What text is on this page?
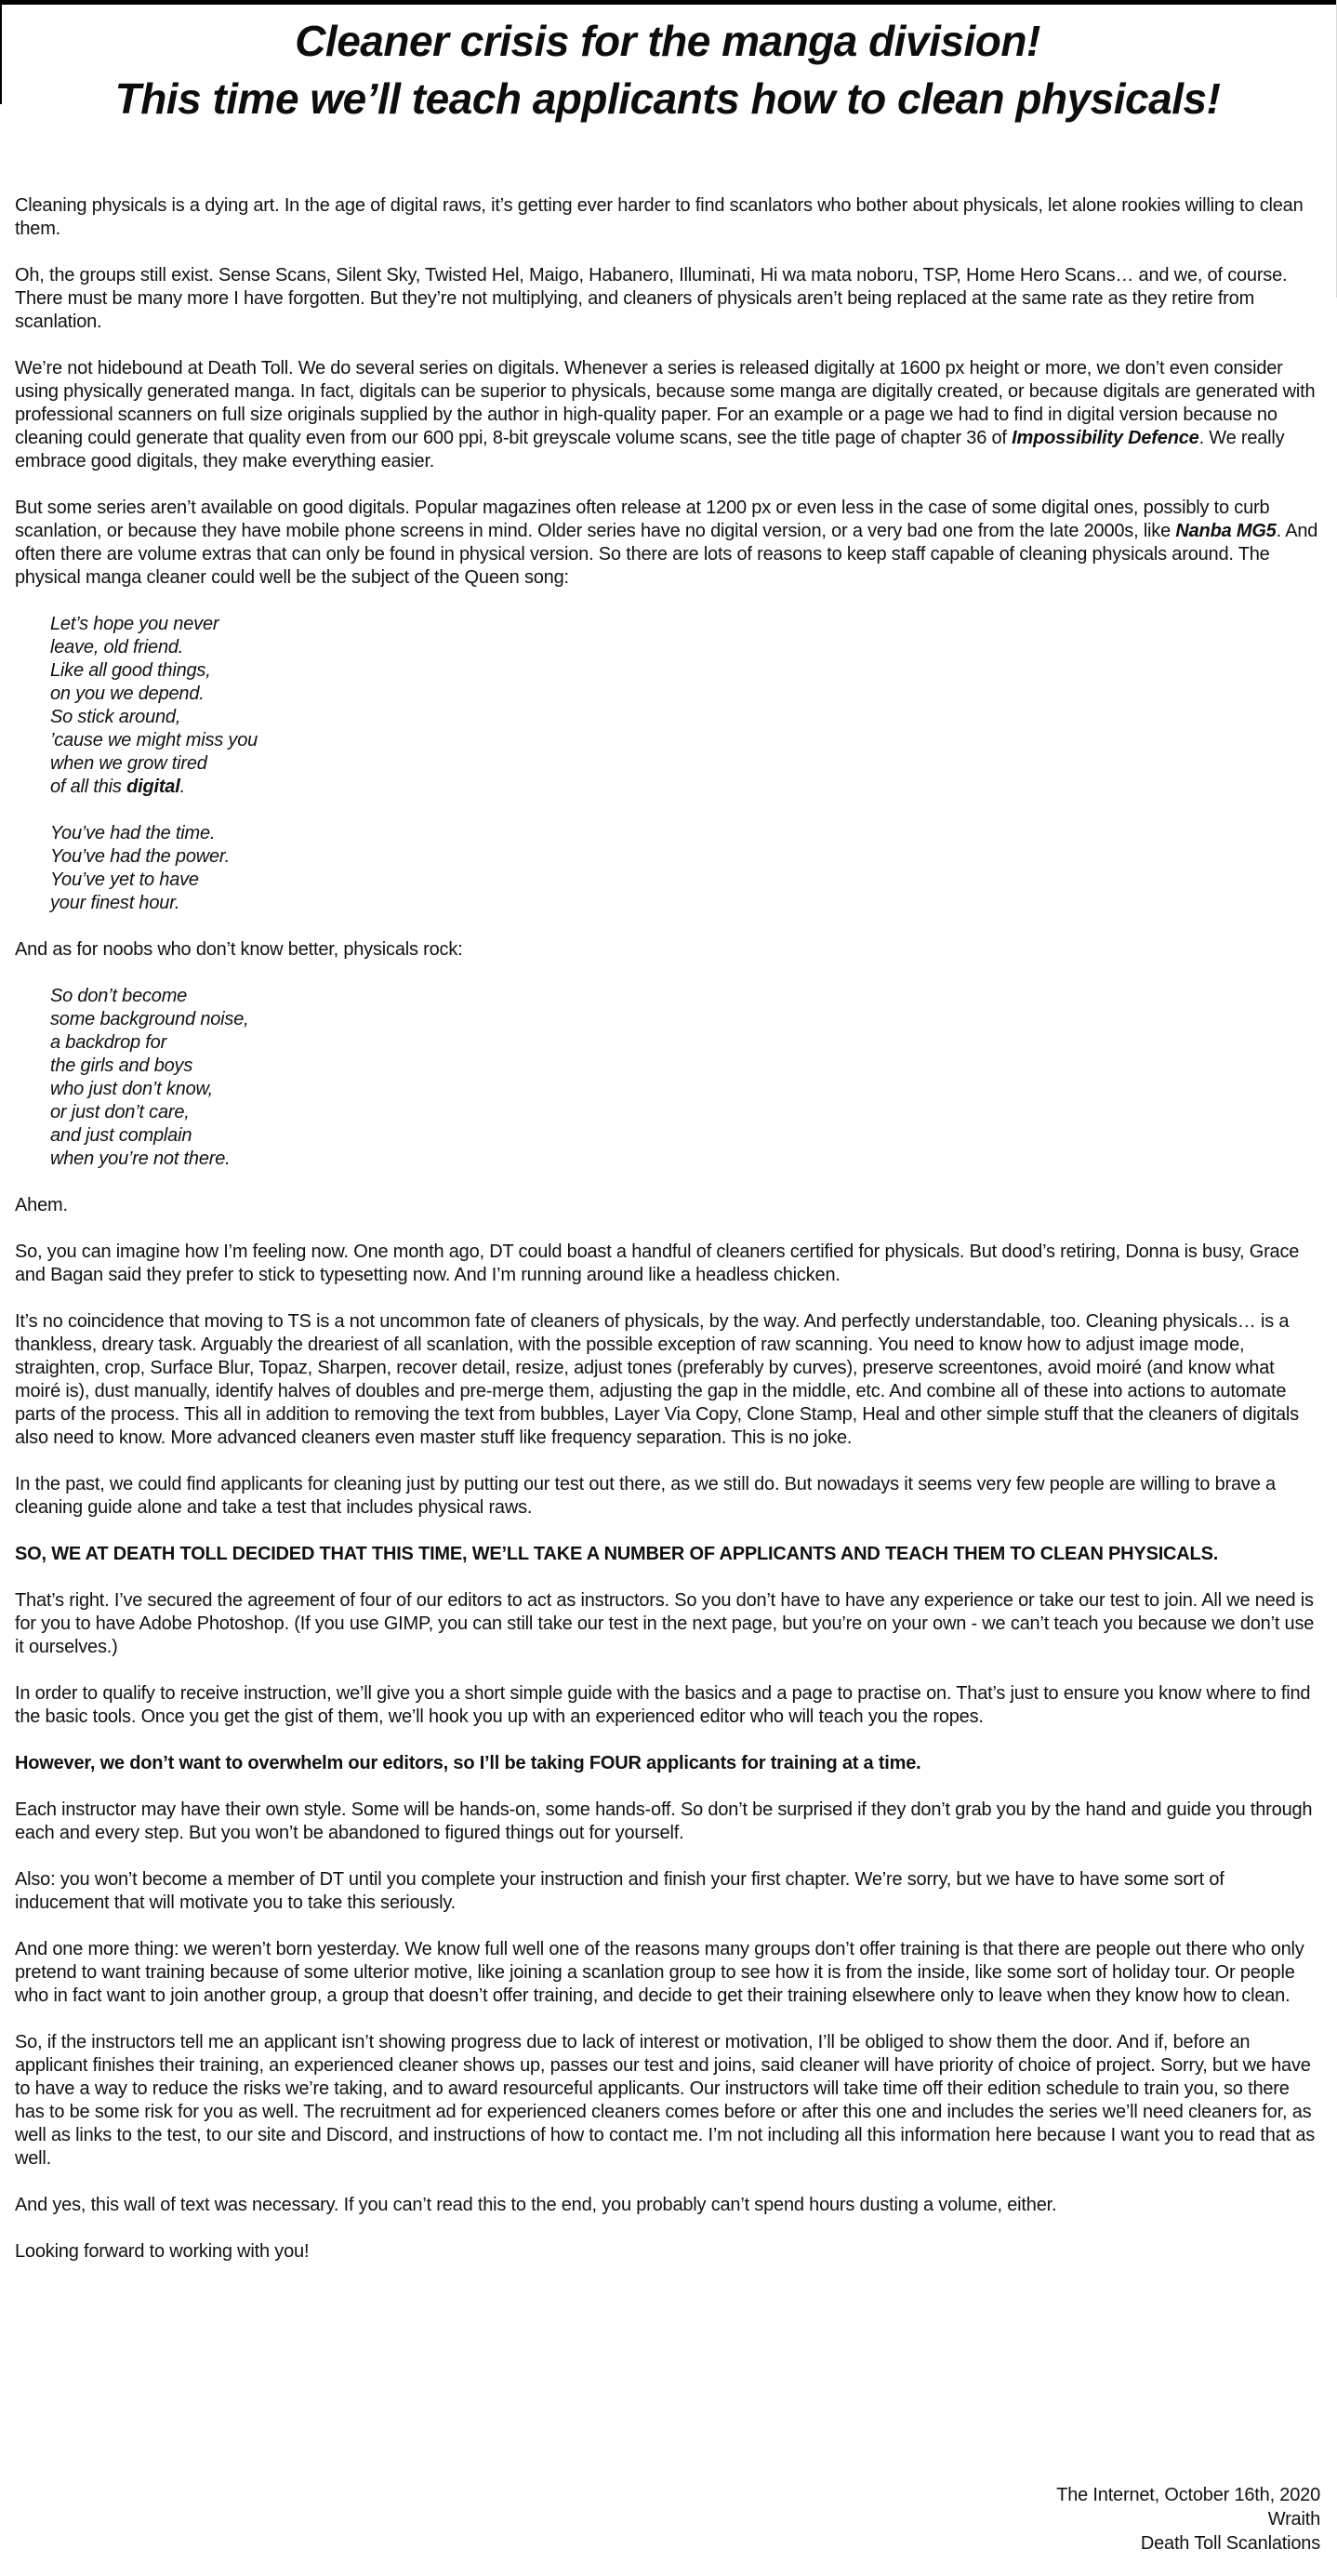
Cleaner crisis for the manga division!
This time we’ll teach applicants how to clean physicals!

Cleaning physicals is a dying art. In the age of digital raws, it’s getting ever harder to find scanlators who bother about physicals, let alone rookies willing to clean them.

Oh, the groups still exist. Sense Scans, Silent Sky, Twisted Hel, Maigo, Habanero, Illuminati, Hi wa mata noboru, TSP, Home Hero Scans… and we, of course. There must be many more I have forgotten. But they’re not multiplying, and cleaners of physicals aren’t being replaced at the same rate as they retire from scanlation.

We’re not hidebound at Death Toll. We do several series on digitals. Whenever a series is released digitally at 1600 px height or more, we don’t even consider using physically generated manga. In fact, digitals can be superior to physicals, because some manga are digitally created, or because digitals are generated with professional scanners on full size originals supplied by the author in high-quality paper. For an example or a page we had to find in digital version because no cleaning could generate that quality even from our 600 ppi, 8-bit greyscale volume scans, see the title page of chapter 36 of Impossibility Defence. We really embrace good digitals, they make everything easier.

But some series aren’t available on good digitals. Popular magazines often release at 1200 px or even less in the case of some digital ones, possibly to curb scanlation, or because they have mobile phone screens in mind. Older series have no digital version, or a very bad one from the late 2000s, like Nanba MG5. And often there are volume extras that can only be found in physical version. So there are lots of reasons to keep staff capable of cleaning physicals around. The physical manga cleaner could well be the subject of the Queen song:

Let’s hope you never
leave, old friend.
Like all good things,
on you we depend.
So stick around,
’cause we might miss you
when we grow tired
of all this digital.

You’ve had the time.
You’ve had the power.
You’ve yet to have
your finest hour.

And as for noobs who don’t know better, physicals rock:

So don’t become
some background noise,
a backdrop for
the girls and boys
who just don’t know,
or just don’t care,
and just complain
when you’re not there.

Ahem.

So, you can imagine how I’m feeling now. One month ago, DT could boast a handful of cleaners certified for physicals. But dood’s retiring, Donna is busy, Grace and Bagan said they prefer to stick to typesetting now. And I’m running around like a headless chicken.

It’s no coincidence that moving to TS is a not uncommon fate of cleaners of physicals, by the way. And perfectly understandable, too. Cleaning physicals… is a thankless, dreary task. Arguably the dreariest of all scanlation, with the possible exception of raw scanning. You need to know how to adjust image mode, straighten, crop, Surface Blur, Topaz, Sharpen, recover detail, resize, adjust tones (preferably by curves), preserve screentones, avoid moiré (and know what moiré is), dust manually, identify halves of doubles and pre-merge them, adjusting the gap in the middle, etc. And combine all of these into actions to automate parts of the process. This all in addition to removing the text from bubbles, Layer Via Copy, Clone Stamp, Heal and other simple stuff that the cleaners of digitals also need to know. More advanced cleaners even master stuff like frequency separation. This is no joke.

In the past, we could find applicants for cleaning just by putting our test out there, as we still do. But nowadays it seems very few people are willing to brave a cleaning guide alone and take a test that includes physical raws.

SO, WE AT DEATH TOLL DECIDED THAT THIS TIME, WE’LL TAKE A NUMBER OF APPLICANTS AND TEACH THEM TO CLEAN PHYSICALS.

That’s right. I’ve secured the agreement of four of our editors to act as instructors. So you don’t have to have any experience or take our test to join. All we need is for you to have Adobe Photoshop. (If you use GIMP, you can still take our test in the next page, but you’re on your own - we can’t teach you because we don’t use it ourselves.)

In order to qualify to receive instruction, we’ll give you a short simple guide with the basics and a page to practise on. That’s just to ensure you know where to find the basic tools. Once you get the gist of them, we’ll hook you up with an experienced editor who will teach you the ropes.

However, we don’t want to overwhelm our editors, so I’ll be taking FOUR applicants for training at a time.

Each instructor may have their own style. Some will be hands-on, some hands-off. So don’t be surprised if they don’t grab you by the hand and guide you through each and every step. But you won’t be abandoned to figured things out for yourself.

Also: you won’t become a member of DT until you complete your instruction and finish your first chapter. We’re sorry, but we have to have some sort of inducement that will motivate you to take this seriously.

And one more thing: we weren’t born yesterday. We know full well one of the reasons many groups don’t offer training is that there are people out there who only pretend to want training because of some ulterior motive, like joining a scanlation group to see how it is from the inside, like some sort of holiday tour. Or people who in fact want to join another group, a group that doesn’t offer training, and decide to get their training elsewhere only to leave when they know how to clean.

So, if the instructors tell me an applicant isn’t showing progress due to lack of interest or motivation, I’ll be obliged to show them the door. And if, before an applicant finishes their training, an experienced cleaner shows up, passes our test and joins, said cleaner will have priority of choice of project. Sorry, but we have to have a way to reduce the risks we’re taking, and to award resourceful applicants. Our instructors will take time off their edition schedule to train you, so there has to be some risk for you as well. The recruitment ad for experienced cleaners comes before or after this one and includes the series we’ll need cleaners for, as well as links to the test, to our site and Discord, and instructions of how to contact me. I’m not including all this information here because I want you to read that as well.

And yes, this wall of text was necessary. If you can’t read this to the end, you probably can’t spend hours dusting a volume, either.

Looking forward to working with you!

The Internet, October 16th, 2020
Wraith
Death Toll Scanlations
